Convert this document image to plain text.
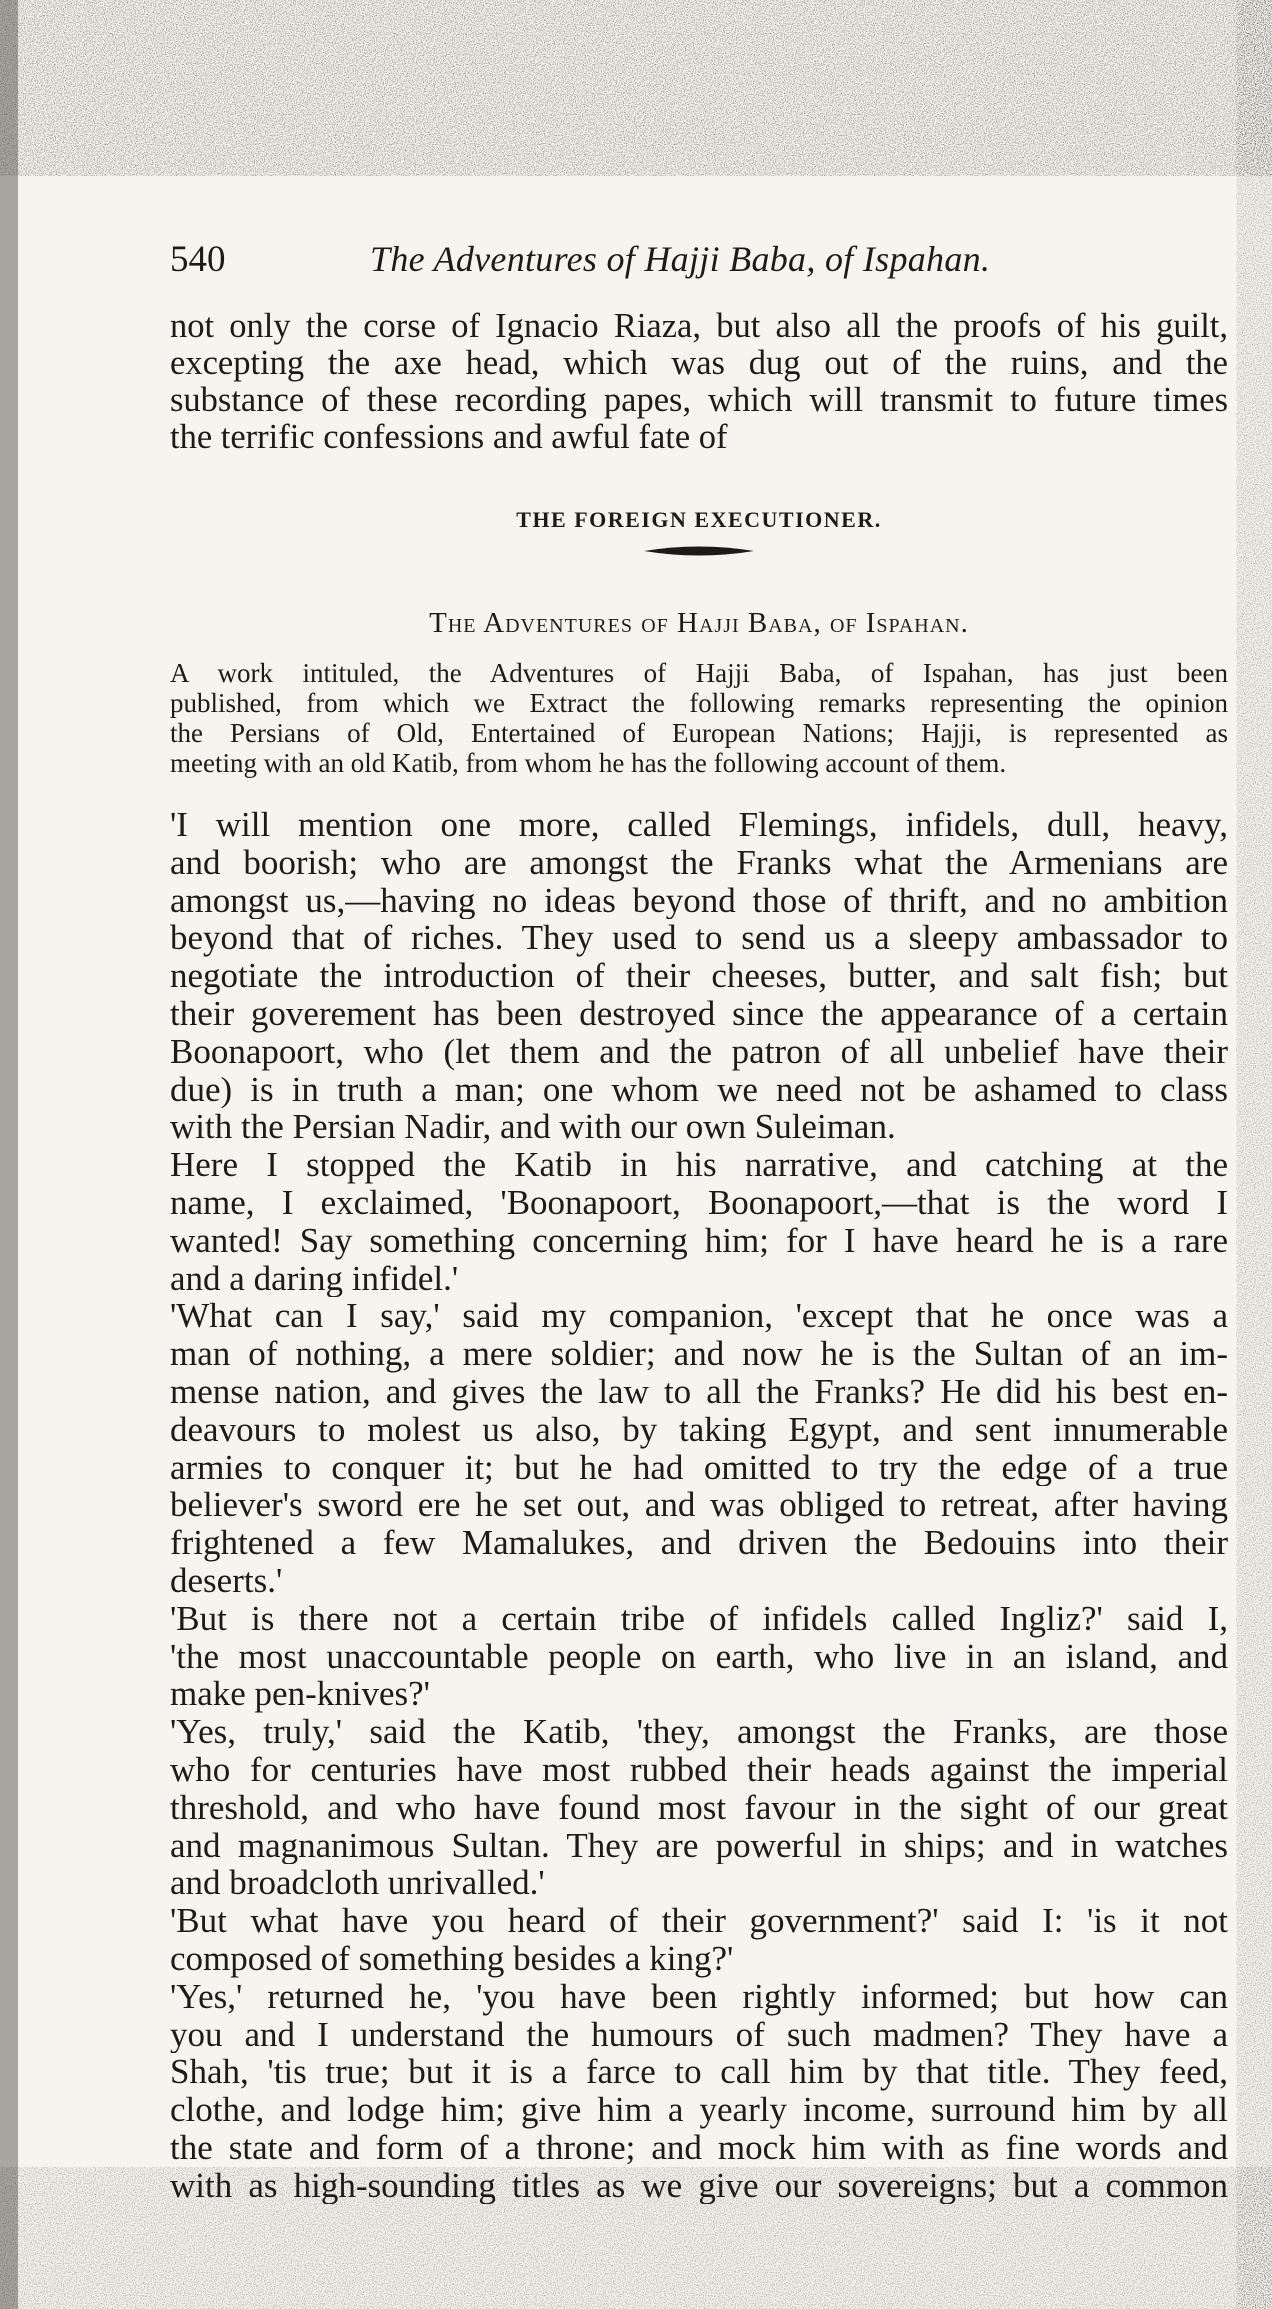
540	The Adventures of Hajji Baba, of Ispahan.
not only the corse of Ignacio Riaza, but also all the proofs of his guilt,
excepting the axe head, which was dug out of the ruins, and the
substance of these recording papes, which will transmit to future times
the terrific confessions and awful fate of
THE FOREIGN EXECUTIONER.
The Adventures of Hajji Baba, of Ispahan.
A work intituled, the Adventures of Hajji Baba, of Ispahan, has just been
published, from which we Extract the following remarks representing the opinion
the Persians of Old, Entertained of European Nations; Hajji, is represented as
meeting with an old Katib, from whom he has the following account of them.
'I will mention one more, called Flemings, infidels, dull, heavy,
and boorish; who are amongst the Franks what the Armenians are
amongst us,—having no ideas beyond those of thrift, and no ambition
beyond that of riches. They used to send us a sleepy ambassador to
negotiate the introduction of their cheeses, butter, and salt fish; but
their goverement has been destroyed since the appearance of a certain
Boonapoort, who (let them and the patron of all unbelief have their
due) is in truth a man; one whom we need not be ashamed to class
with the Persian Nadir, and with our own Suleiman.
Here I stopped the Katib in his narrative, and catching at the
name, I exclaimed, 'Boonapoort, Boonapoort,—that is the word I
wanted! Say something concerning him; for I have heard he is a rare
and a daring infidel.'
'What can I say,' said my companion, 'except that he once was a
man of nothing, a mere soldier; and now he is the Sultan of an im-
mense nation, and gives the law to all the Franks? He did his best en-
deavours to molest us also, by taking Egypt, and sent innumerable
armies to conquer it; but he had omitted to try the edge of a true
believer's sword ere he set out, and was obliged to retreat, after having
frightened a few Mamalukes, and driven the Bedouins into their
deserts.'
'But is there not a certain tribe of infidels called Ingliz?' said I,
'the most unaccountable people on earth, who live in an island, and
make pen-knives?'
'Yes, truly,' said the Katib, 'they, amongst the Franks, are those
who for centuries have most rubbed their heads against the imperial
threshold, and who have found most favour in the sight of our great
and magnanimous Sultan. They are powerful in ships; and in watches
and broadcloth unrivalled.'
'But what have you heard of their government?' said I: 'is it not
composed of something besides a king?'
'Yes,' returned he, 'you have been rightly informed; but how can
you and I understand the humours of such madmen? They have a
Shah, 'tis true; but it is a farce to call him by that title. They feed,
clothe, and lodge him; give him a yearly income, surround him by all
the state and form of a throne; and mock him with as fine words and
with as high-sounding titles as we give our sovereigns; but a common
